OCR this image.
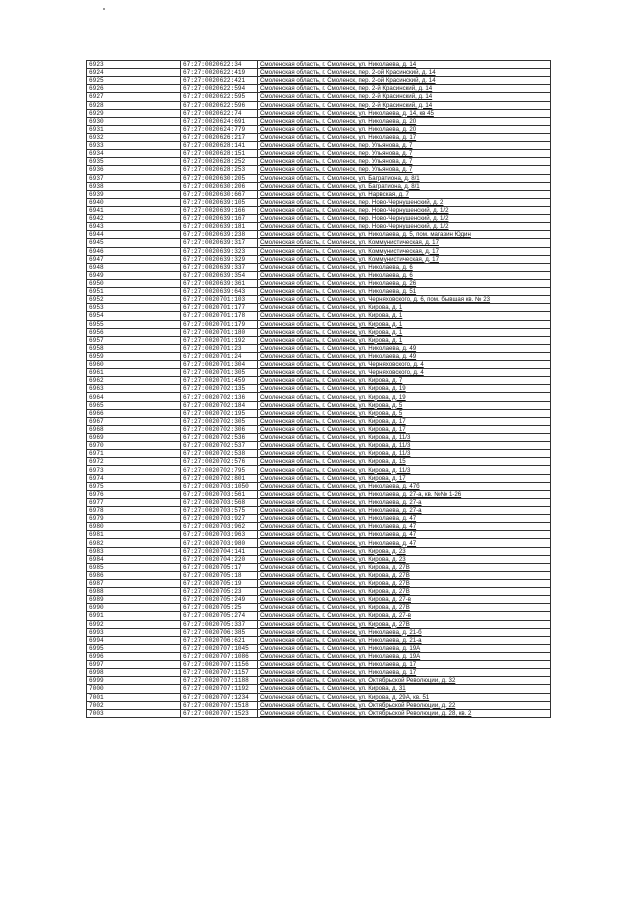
6923	67:27:0020622:34	Смоленская область, г. Смоленск, ул. Николаева, д. 14
6924	67:27:0020622:419	Смоленская область, г. Смоленск, пер. 2-ой Красинский, д. 14
6925	67:27:0020622:421	Смоленская область, г. Смоленск, пер. 2-ой Красинский, д. 14
6926	67:27:0020622:594	Смоленская область, г. Смоленск, пер. 2-й Красинский, д. 14
6927	67:27:0020622:595	Смоленская область, г. Смоленск, пер. 2-й Красинский, д. 14
6928	67:27:0020622:596	Смоленская область, г. Смоленск, пер. 2-й Красинский, д. 14
6929	67:27:0020622:74	Смоленская область, г. Смоленск, ул. Николаева, д. 14, кв 45
6930	67:27:0020624:691	Смоленская область, г. Смоленск, ул. Николаева, д. 20
6931	67:27:0020624:779	Смоленская область, г. Смоленск, ул. Николаева, д. 20
6932	67:27:0020626:217	Смоленская область, г. Смоленск, ул. Николаева, д. 17
6933	67:27:0020628:141	Смоленская область, г. Смоленск, пер. Ульянова, д. 7
6934	67:27:0020628:151	Смоленская область, г. Смоленск, пер. Ульянова, д. 7
6935	67:27:0020628:252	Смоленская область, г. Смоленск, пер. Ульянова, д. 7
6936	67:27:0020628:253	Смоленская область, г. Смоленск, пер. Ульянова, д. 7
6937	67:27:0020630:205	Смоленская область, г. Смоленск, ул. Багратиона, д. 8/1
6938	67:27:0020630:206	Смоленская область, г. Смоленск, ул. Багратиона, д. 8/1
6939	67:27:0020630:667	Смоленская область, г. Смоленск, ул. Нарвская, д. 7
6940	67:27:0020639:105	Смоленская область, г. Смоленск, пер. Ново-Чернушенский, д. 2
6941	67:27:0020639:166	Смоленская область, г. Смоленск, пер. Ново-Чернушенский, д. 1/2
6942	67:27:0020639:167	Смоленская область, г. Смоленск, пер. Ново-Чернушенский, д. 1/2
6943	67:27:0020639:181	Смоленская область, г. Смоленск, пер. Ново-Чернушенский, д. 1/2
6944	67:27:0020639:238	Смоленская область, г. Смоленск, ул. Николаева, д. 5, пом. магазин Юдин
6945	67:27:0020639:317	Смоленская область, г. Смоленск, ул. Коммунистическая, д. 17
6946	67:27:0020639:323	Смоленская область, г. Смоленск, ул. Коммунистическая, д. 17
6947	67:27:0020639:329	Смоленская область, г. Смоленск, ул. Коммунистическая, д. 17
6948	67:27:0020639:337	Смоленская область, г. Смоленск, ул. Николаева, д. 6
6949	67:27:0020639:354	Смоленская область, г. Смоленск, ул. Николаева, д. 6
6950	67:27:0020639:361	Смоленская область, г. Смоленск, ул. Николаева, д. 26
6951	67:27:0020639:643	Смоленская область, г. Смоленск, ул. Николаева, д. 51
6952	67:27:0020701:103	Смоленская область, г. Смоленск, ул. Черняховского, д. 6, пом. бывшая кв. № 23
6953	67:27:0020701:177	Смоленская область, г. Смоленск, ул. Кирова, д. 1
6954	67:27:0020701:178	Смоленская область, г. Смоленск, ул. Кирова, д. 1
6955	67:27:0020701:179	Смоленская область, г. Смоленск, ул. Кирова, д. 1
6956	67:27:0020701:180	Смоленская область, г. Смоленск, ул. Кирова, д. 1
6957	67:27:0020701:192	Смоленская область, г. Смоленск, ул. Кирова, д. 1
6958	67:27:0020701:23	Смоленская область, г. Смоленск, ул. Николаева, д. 49
6959	67:27:0020701:24	Смоленская область, г. Смоленск, ул. Николаева, д. 49
6960	67:27:0020701:304	Смоленская область, г. Смоленск, ул. Черняховского, д. 4
6961	67:27:0020701:305	Смоленская область, г. Смоленск, ул. Черняховского, д. 4
6962	67:27:0020701:459	Смоленская область, г. Смоленск, ул. Кирова, д. 7
6963	67:27:0020702:135	Смоленская область, г. Смоленск, ул. Кирова, д. 19
6964	67:27:0020702:136	Смоленская область, г. Смоленск, ул. Кирова, д. 19
6965	67:27:0020702:184	Смоленская область, г. Смоленск, ул. Кирова, д. 5
6966	67:27:0020702:195	Смоленская область, г. Смоленск, ул. Кирова, д. 5
6967	67:27:0020702:305	Смоленская область, г. Смоленск, ул. Кирова, д. 17
6968	67:27:0020702:306	Смоленская область, г. Смоленск, ул. Кирова, д. 17
6969	67:27:0020702:536	Смоленская область, г. Смоленск, ул. Кирова, д. 11/3
6970	67:27:0020702:537	Смоленская область, г. Смоленск, ул. Кирова, д. 11/3
6971	67:27:0020702:538	Смоленская область, г. Смоленск, ул. Кирова, д. 11/3
6972	67:27:0020702:576	Смоленская область, г. Смоленск, ул. Кирова, д. 15
6973	67:27:0020702:795	Смоленская область, г. Смоленск, ул. Кирова, д. 11/3
6974	67:27:0020702:801	Смоленская область, г. Смоленск, ул. Кирова, д. 17
6975	67:27:0020703:1050	Смоленская область, г. Смоленск, ул. Николаева, д. 47б
6976	67:27:0020703:561	Смоленская область, г. Смоленск, ул. Николаева, д. 27-а, кв. №№ 1-26
6977	67:27:0020703:568	Смоленская область, г. Смоленск, ул. Николаева, д. 27-а
6978	67:27:0020703:575	Смоленская область, г. Смоленск, ул. Николаева, д. 27-а
6979	67:27:0020703:927	Смоленская область, г. Смоленск, ул. Николаева, д. 47
6980	67:27:0020703:962	Смоленская область, г. Смоленск, ул. Николаева, д. 47
6981	67:27:0020703:963	Смоленская область, г. Смоленск, ул. Николаева, д. 47
6982	67:27:0020703:980	Смоленская область, г. Смоленск, ул. Николаева, д. 47
6983	67:27:0020704:141	Смоленская область, г. Смоленск, ул. Кирова, д. 23
6984	67:27:0020704:220	Смоленская область, г. Смоленск, ул. Кирова, д. 23
6985	67:27:0020705:17	Смоленская область, г. Смоленск, ул. Кирова, д. 27В
6986	67:27:0020705:18	Смоленская область, г. Смоленск, ул. Кирова, д. 27В
6987	67:27:0020705:19	Смоленская область, г. Смоленск, ул. Кирова, д. 27В
6988	67:27:0020705:23	Смоленская область, г. Смоленск, ул. Кирова, д. 27В
6989	67:27:0020705:249	Смоленская область, г. Смоленск, ул. Кирова, д. 27-в
6990	67:27:0020705:25	Смоленская область, г. Смоленск, ул. Кирова, д. 27В
6991	67:27:0020705:274	Смоленская область, г. Смоленск, ул. Кирова, д. 27-в
6992	67:27:0020705:337	Смоленская область, г. Смоленск, ул. Кирова, д. 27В
6993	67:27:0020706:385	Смоленская область, г. Смоленск, ул. Николаева, д. 21-б
6994	67:27:0020706:621	Смоленская область, г. Смоленск, ул. Николаева, д. 21-а
6995	67:27:0020707:1045	Смоленская область, г. Смоленск, ул. Николаева, д. 19А
6996	67:27:0020707:1086	Смоленская область, г. Смоленск, ул. Николаева, д. 19А
6997	67:27:0020707:1156	Смоленская область, г. Смоленск, ул. Николаева, д. 17
6998	67:27:0020707:1157	Смоленская область, г. Смоленск, ул. Николаева, д. 17
6999	67:27:0020707:1188	Смоленская область, г. Смоленск, ул. Октябрьской Революции, д. 32
7000	67:27:0020707:1192	Смоленская область, г. Смоленск, ул. Кирова, д. 31
7001	67:27:0020707:1234	Смоленская область, г. Смоленск, ул. Кирова, д. 29А, кв. 51
7002	67:27:0020707:1518	Смоленская область, г. Смоленск, ул. Октябрьской Революции, д. 22
7003	67:27:0020707:1523	Смоленская область, г. Смоленск, ул. Октябрьской Революции, д. 28, кв. 2
